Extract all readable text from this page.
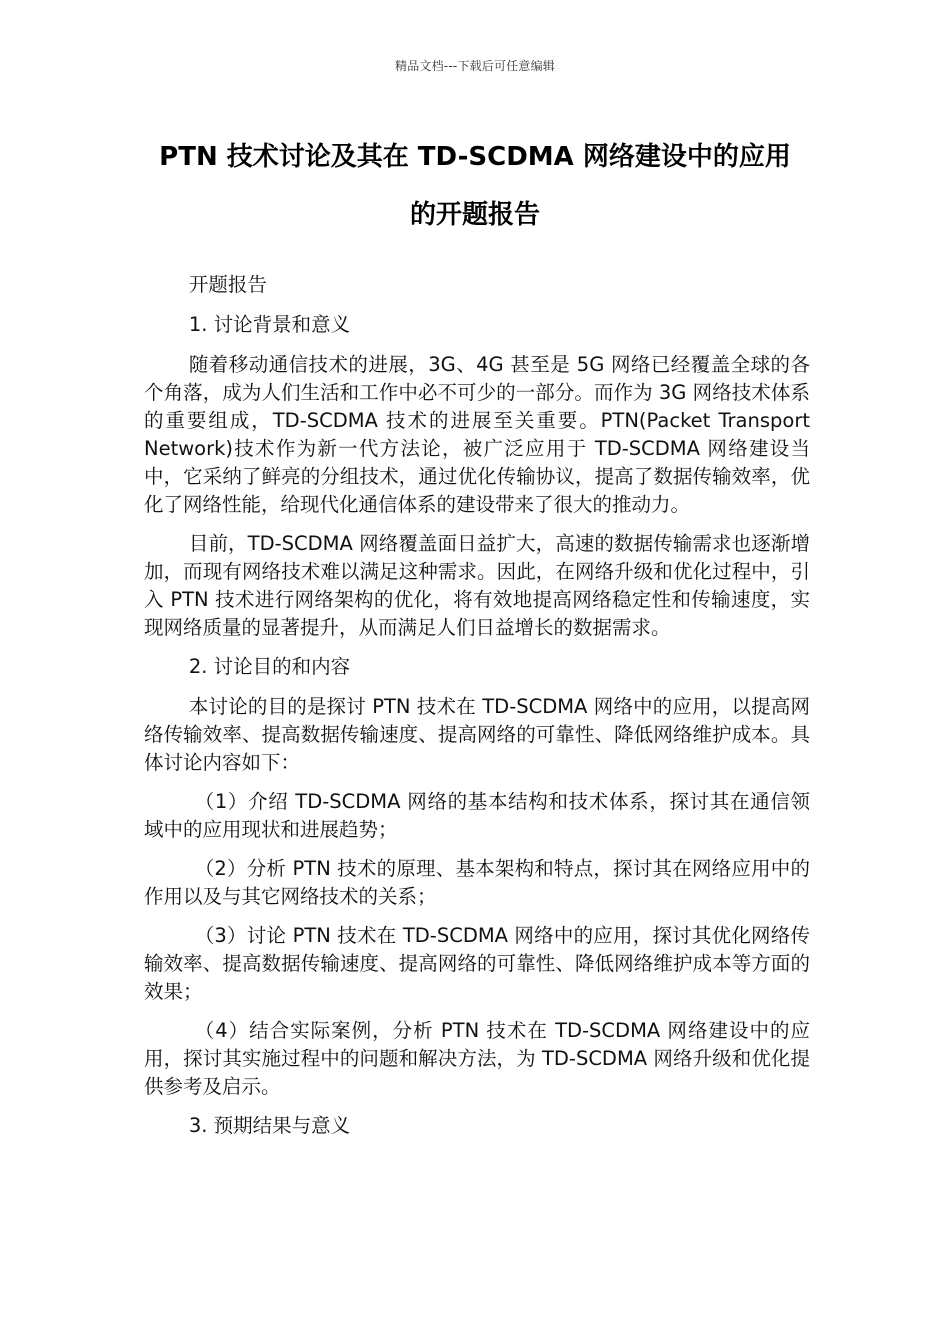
精品文档---下载后可任意编辑
PTN 技术讨论及其在 TD-SCDMA 网络建设中的应用
的开题报告

开题报告

1. 讨论背景和意义

随着移动通信技术的进展，3G、4G 甚至是 5G 网络已经覆盖全球的各个角落，成为人们生活和工作中必不可少的一部分。而作为 3G 网络技术体系的重要组成，TD-SCDMA 技术的进展至关重要。PTN(Packet Transport Network)技术作为新一代方法论，被广泛应用于 TD-SCDMA 网络建设当中，它采纳了鲜亮的分组技术，通过优化传输协议，提高了数据传输效率，优化了网络性能，给现代化通信体系的建设带来了很大的推动力。

目前，TD-SCDMA 网络覆盖面日益扩大，高速的数据传输需求也逐渐增加，而现有网络技术难以满足这种需求。因此，在网络升级和优化过程中，引入 PTN 技术进行网络架构的优化，将有效地提高网络稳定性和传输速度，实现网络质量的显著提升，从而满足人们日益增长的数据需求。

2. 讨论目的和内容

本讨论的目的是探讨 PTN 技术在 TD-SCDMA 网络中的应用，以提高网络传输效率、提高数据传输速度、提高网络的可靠性、降低网络维护成本。具体讨论内容如下：

（1）介绍 TD-SCDMA 网络的基本结构和技术体系，探讨其在通信领域中的应用现状和进展趋势；

（2）分析 PTN 技术的原理、基本架构和特点，探讨其在网络应用中的作用以及与其它网络技术的关系；

（3）讨论 PTN 技术在 TD-SCDMA 网络中的应用，探讨其优化网络传输效率、提高数据传输速度、提高网络的可靠性、降低网络维护成本等方面的效果；

（4）结合实际案例，分析 PTN 技术在 TD-SCDMA 网络建设中的应用，探讨其实施过程中的问题和解决方法，为 TD-SCDMA 网络升级和优化提供参考及启示。

3. 预期结果与意义
